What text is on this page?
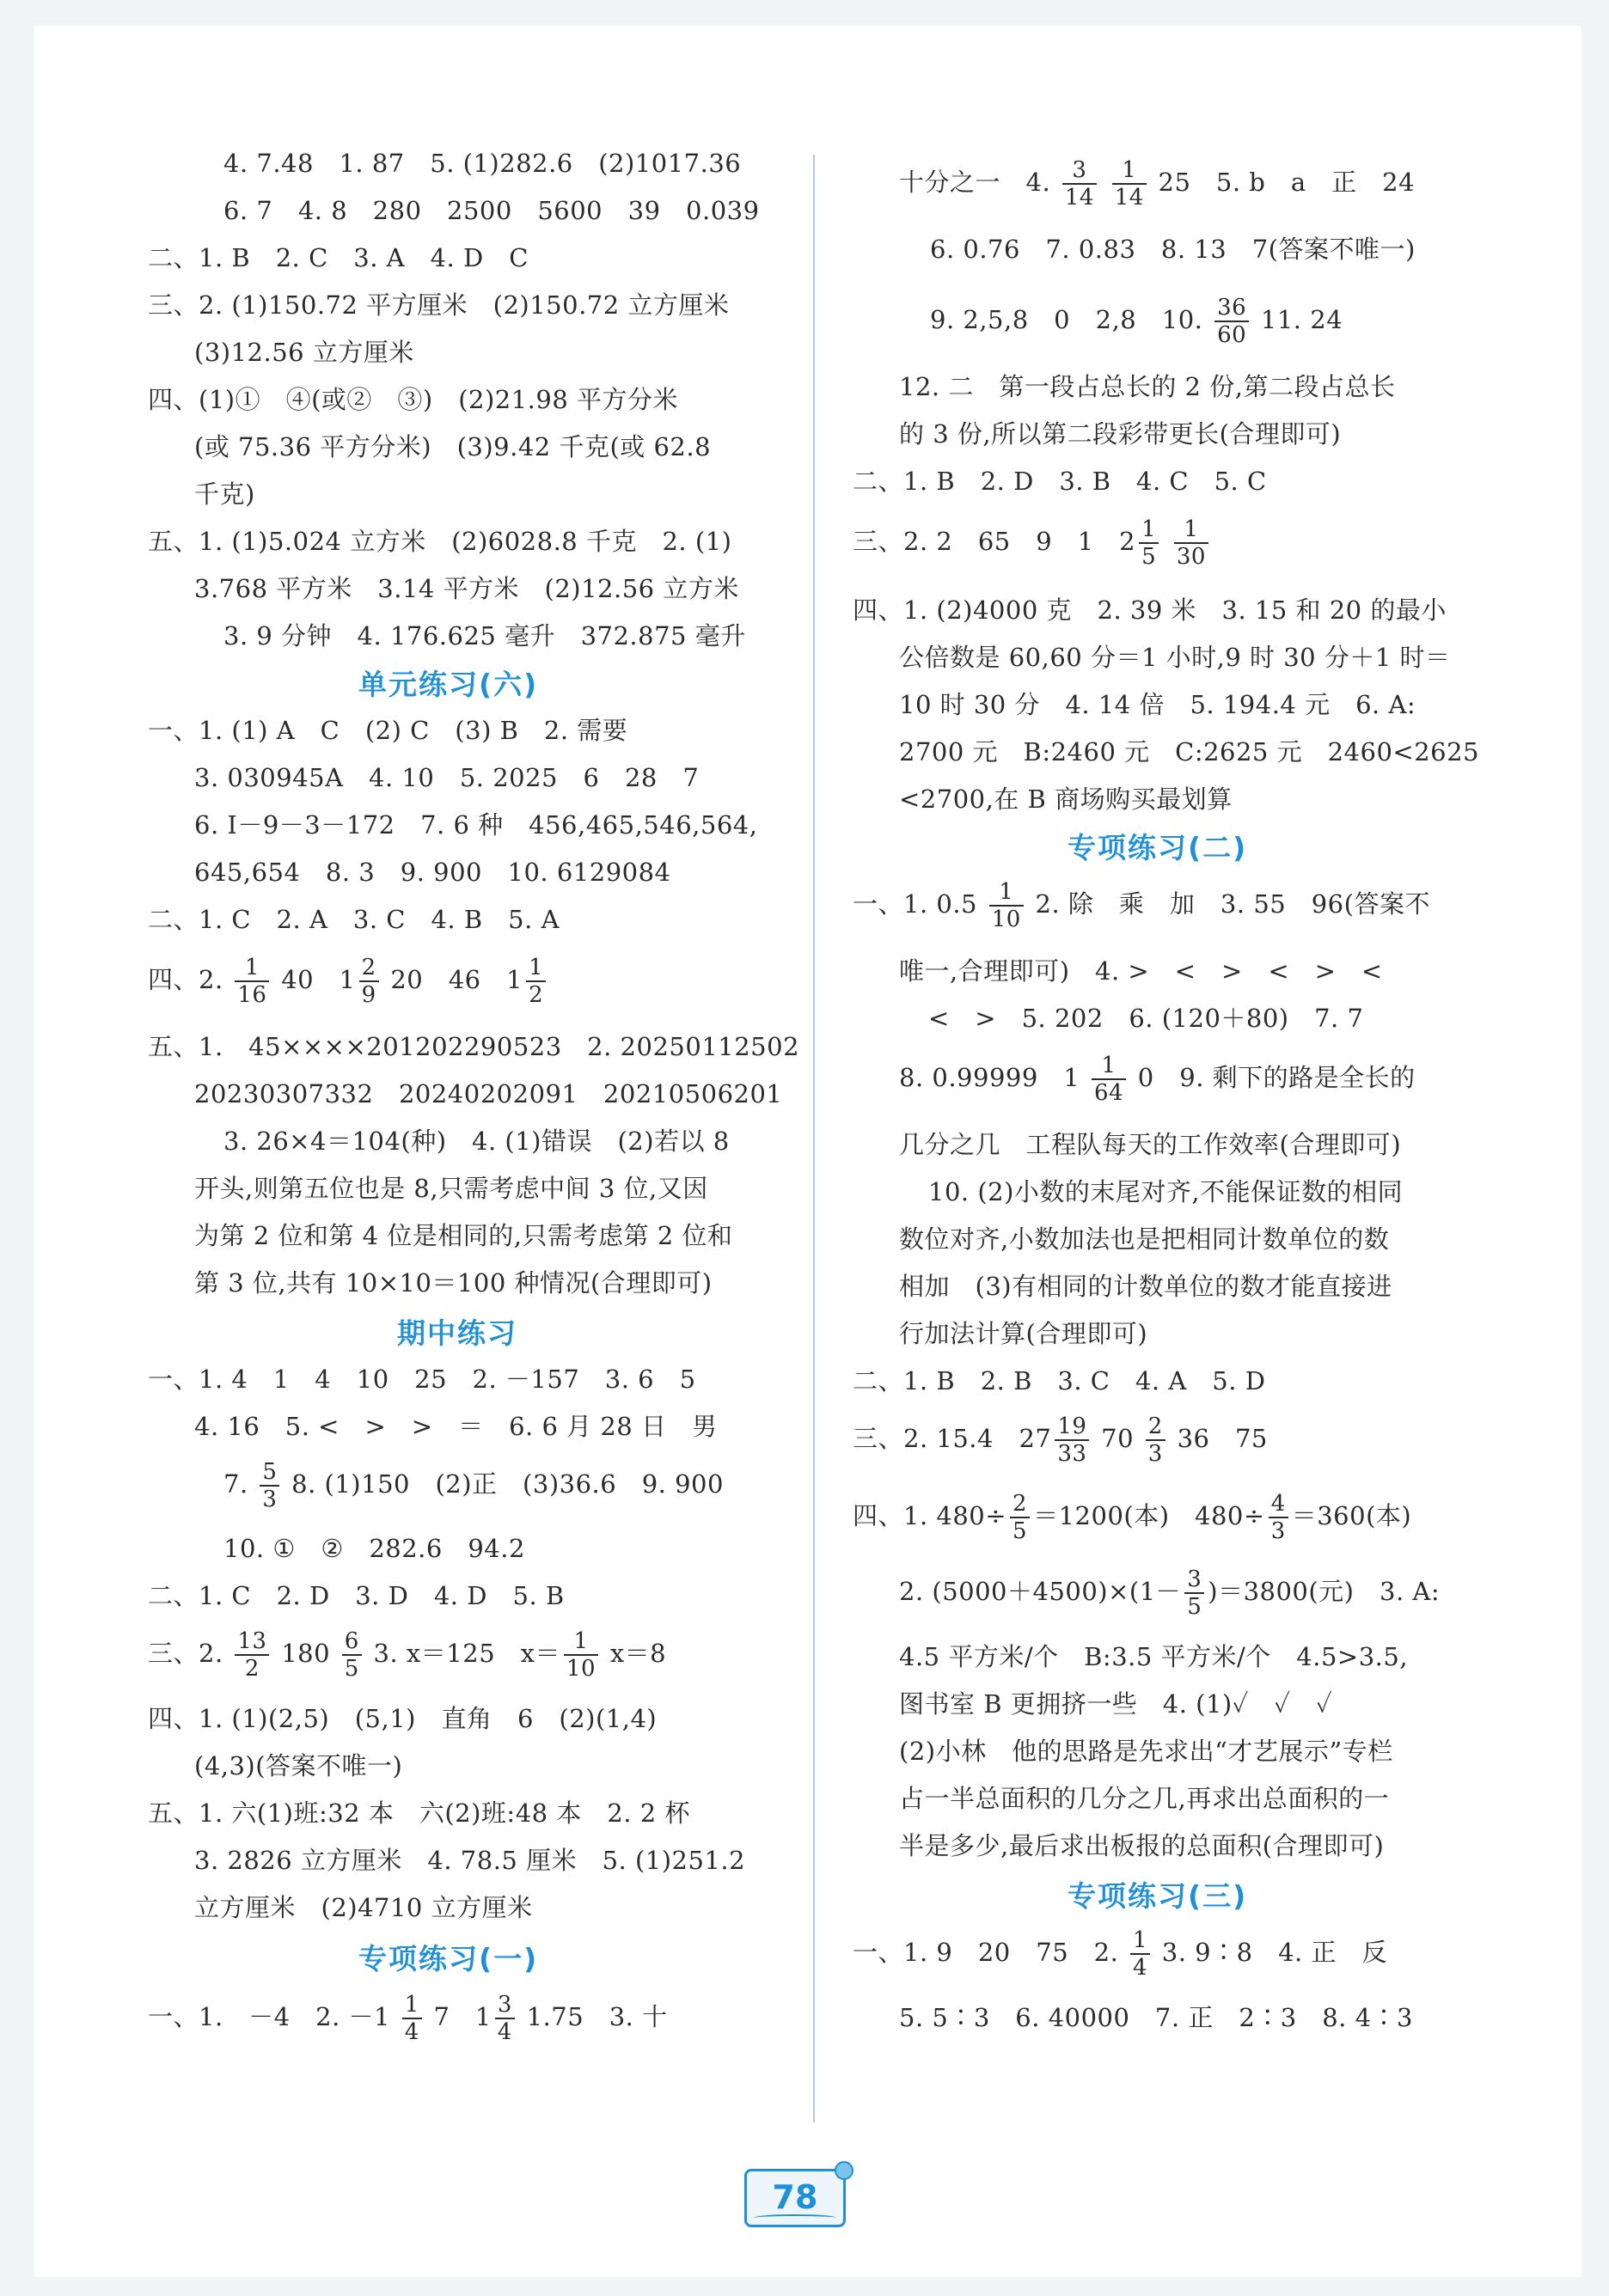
4. 7.48　1. 87　5. (1)282.6　(2)1017.36
6. 7　4. 8　280　2500　5600　39　0.039
二、1. B　2. C　3. A　4. D　C
三、2. (1)150.72 平方厘米　(2)150.72 立方厘米
(3)12.56 立方厘米
四、(1)①　④(或②　③)　(2)21.98 平方分米
(或 75.36 平方分米)　(3)9.42 千克(或 62.8
千克)
五、1. (1)5.024 立方米　(2)6028.8 千克　2. (1)
3.768 平方米　3.14 平方米　(2)12.56 立方米
3. 9 分钟　4. 176.625 毫升　372.875 毫升
单元练习(六)
一、1. (1) A　C　(2) C　(3) B　2. 需要
3. 030945A　4. 10　5. 2025　6　28　7
6. I－9－3－172　7. 6 种　456,465,546,564,
645,654　8. 3　9. 900　10. 6129084
二、1. C　2. A　3. C　4. B　5. A
四、2. $\frac{1}{16} 40$　$1 \frac{2}{9} 20$　46　$1 \frac{1}{2}$
五、1.　45××××201202290523　2. 20250112502
20230307332　20240202091　20210506201
3. 26×4＝104(种)　4. (1)错误　(2)若以 8
开头,则第五位也是 8,只需考虑中间 3 位,又因
为第 2 位和第 4 位是相同的,只需考虑第 2 位和
第 3 位,共有 10×10＝100 种情况(合理即可)
期中练习
一、1. 4　1　4　10　25　2. －157　3. 6　5
4. 16　5. <　>　>　＝　6. 6 月 28 日　男
7. $\frac{5}{3} 8$. (1)150　(2)正　(3)36.6　9. 900
10. ①　②　282.6　94.2
二、1. C　2. D　3. D　4. D　5. B
三、2. $\frac{13}{2} 180 \frac{6}{5} 3$. x＝125　$x= \frac{1}{10} x=8$
四、1. (1)(2,5)　(5,1)　直角　6　(2)(1,4)
(4,3)(答案不唯一)
五、1. 六(1)班:32 本　六(2)班:48 本　2. 2 杯
3. 2826 立方厘米　4. 78.5 厘米　5. (1)251.2
立方厘米　(2)4710 立方厘米
专项练习(一)
一、1.　－4　2. $-1 \frac{1}{4} 7$　$1 \frac{3}{4} 1.75$　3. 十
十分之一　4. $\frac{3}{14}$
$\frac{1}{14} 25$　5. b　a　正　24
6. 0.76　7. 0.83　8. 13　7(答案不唯一)
9. 2,5,8　0　2,8　10. $\frac{36}{60} 11$. 24
12. 二　第一段占总长的 2 份,第二段占总长
的 3 份,所以第二段彩带更长(合理即可)
二、1. B　2. D　3. B　4. C　5. C
三、2. 2　65　9　1　$2 \frac{1}{5}$
$\frac{1}{30}$
四、1. (2)4000 克　2. 39 米　3. 15 和 20 的最小
公倍数是 60,60 分＝1 小时,9 时 30 分＋1 时＝
10 时 30 分　4. 14 倍　5. 194.4 元　6. A:
2700 元　B:2460 元　C:2625 元　2460<2625
<2700,在 B 商场购买最划算
专项练习(二)
一、1. $0.5 \frac{1}{10} 2$. 除　乘　加　3. 55　96(答案不
唯一,合理即可)　4. >　<　>　<　>　<
<　>　5. 202　6. (120＋80)　7. 7
8. 0.99999　$1 \frac{1}{64} 0$　9. 剩下的路是全长的
几分之几　工程队每天的工作效率(合理即可)
10. (2)小数的末尾对齐,不能保证数的相同
数位对齐,小数加法也是把相同计数单位的数
相加　(3)有相同的计数单位的数才能直接进
行加法计算(合理即可)
二、1. B　2. B　3. C　4. A　5. D
三、2. 15.4　$27 \frac{19}{33} 70 \frac{2}{3} 36$　75
四、1. $480\div \frac{2}{5} =1200$(本)　$480\div \frac{4}{3} =360$(本)
2. $(5000+4500)\times(1- \frac{3}{5} )=3800$(元)　3. A:
4.5 平方米/个　B:3.5 平方米/个　4.5>3.5,
图书室 B 更拥挤一些　4. (1)✓　✓　✓
(2)小林　他的思路是先求出“才艺展示”专栏
占一半总面积的几分之几,再求出总面积的一
半是多少,最后求出板报的总面积(合理即可)
专项练习(三)
一、1. 9　20　75　2. $\frac{1}{4} 3$. 9∶8　4. 正　反
5. 5∶3　6. 40000　7. 正　2∶3　8. 4∶3
78
